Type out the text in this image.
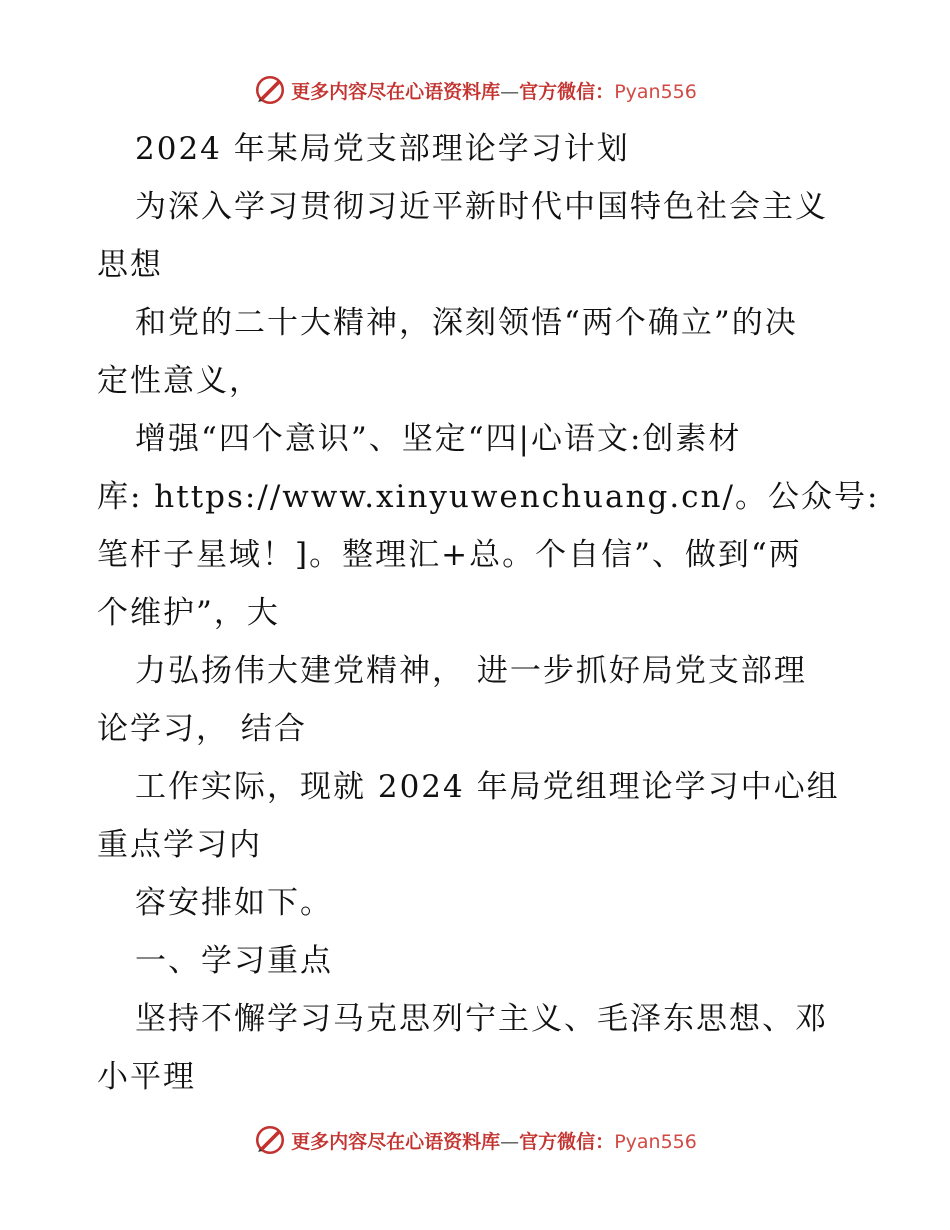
更多内容尽在心语资料库—官方微信：Pyan556
2024 年某局党支部理论学习计划
为深入学习贯彻习近平新时代中国特色社会主义
思想
和党的二十大精神，深刻领悟“两个确立”的决
定性意义，
增强“四个意识”、坚定“四|心语文:创素材
库: https://www.xinyuwenchuang.cn/。公众号:
笔杆子星域！]。整理汇+总。个自信”、做到“两
个维护”，大
力弘扬伟大建党精神， 进一步抓好局党支部理
论学习， 结合
工作实际，现就 2024 年局党组理论学习中心组
重点学习内
容安排如下。
一、学习重点
坚持不懈学习马克思列宁主义、毛泽东思想、邓
小平理
更多内容尽在心语资料库—官方微信：Pyan556
